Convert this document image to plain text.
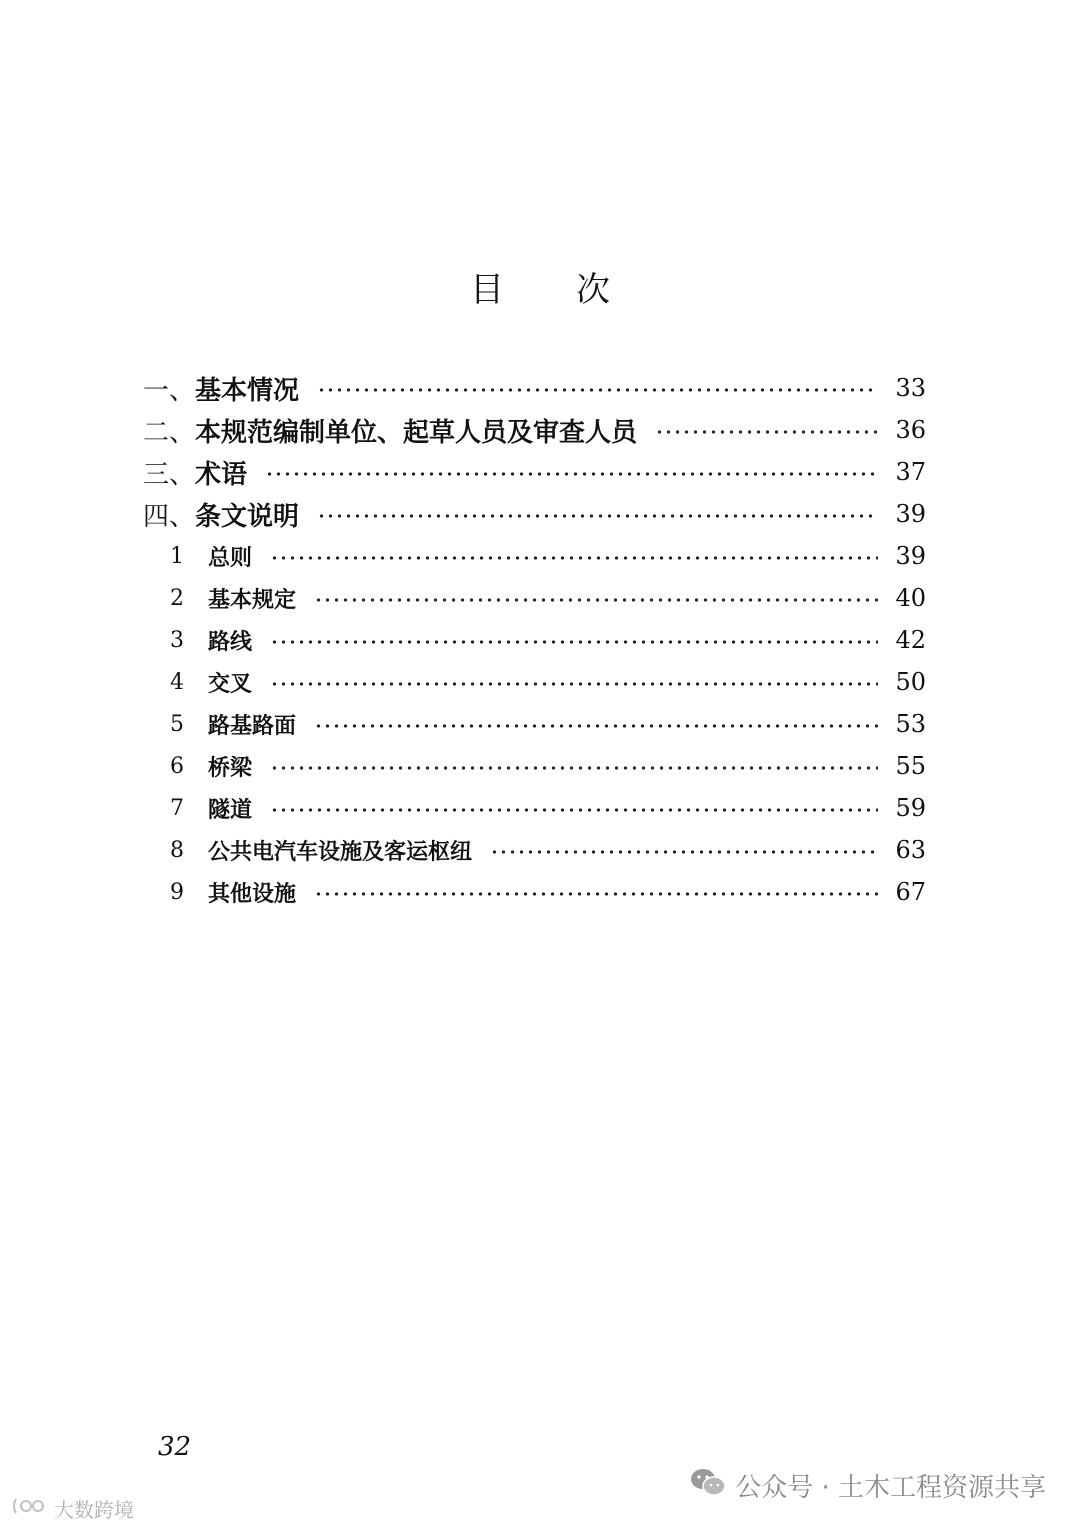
目 次
一、 基本情况	33
二、 本规范编制单位、起草人员及审查人员	36
三、 术语	37
四、 条文说明	39
1	总则	39
2	基本规定	40
3	路线	42
4	交叉	50
5	路基路面	53
6	桥梁	55
7	隧道	59
8	公共电汽车设施及客运枢纽	63
9	其他设施	67
32
公众号 · 土木工程资源共享
大数跨境
